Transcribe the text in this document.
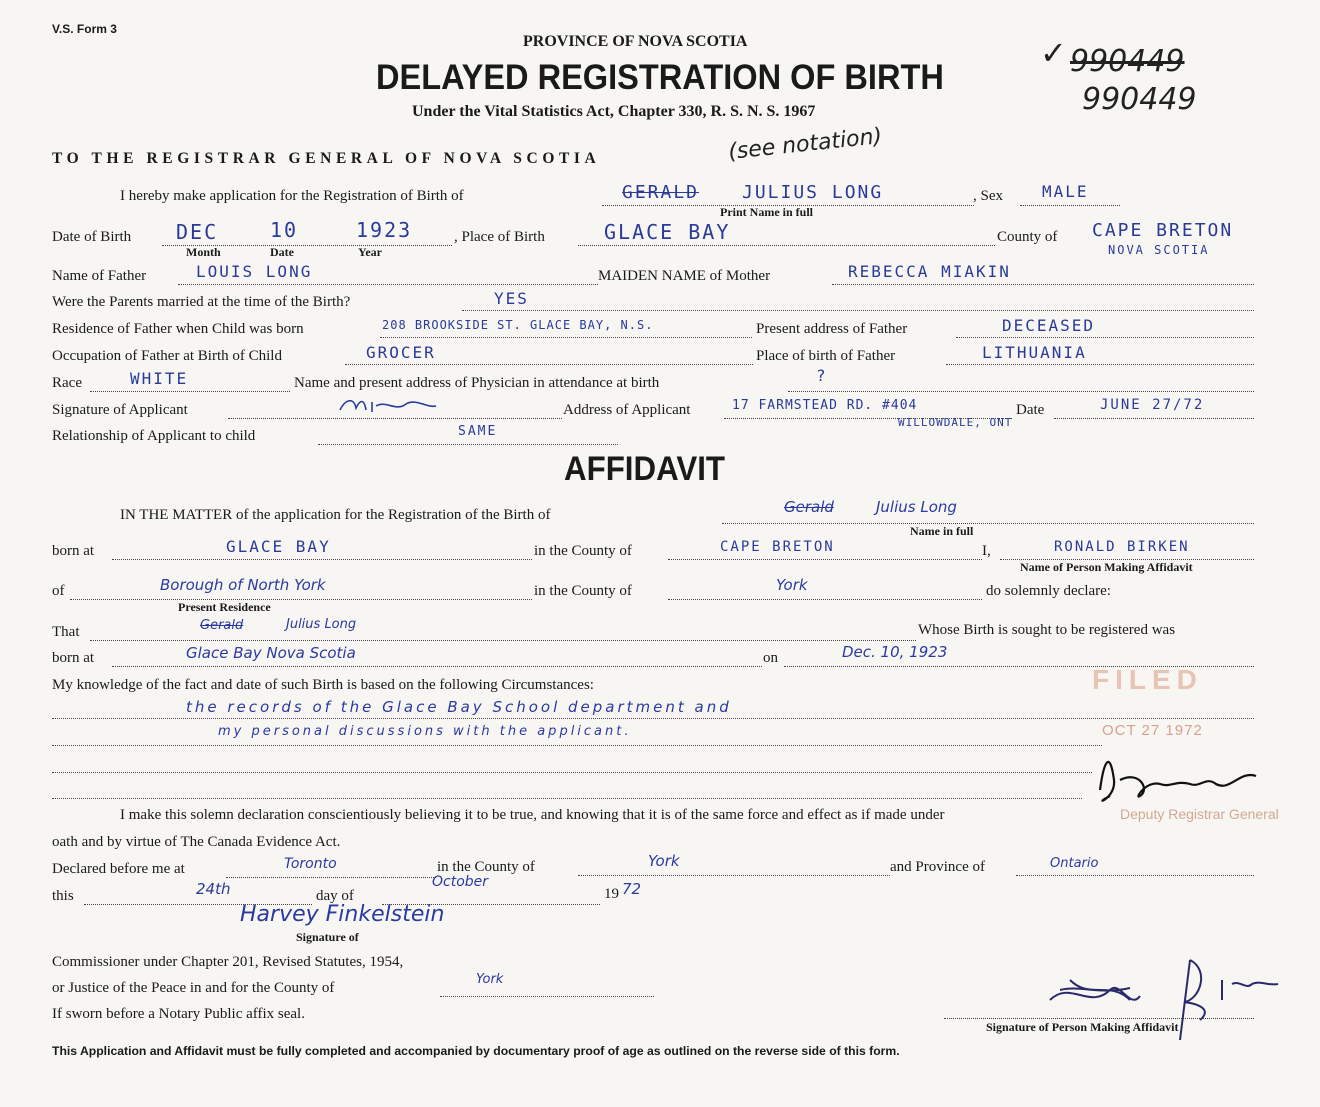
V.S. Form 3
PROVINCE OF NOVA SCOTIA
DELAYED REGISTRATION OF BIRTH
Under the Vital Statistics Act, Chapter 330, R. S. N. S. 1967
✓ 990449
990449
(see notation)
TO THE REGISTRAR GENERAL OF NOVA SCOTIA
I hereby make application for the Registration of Birth of	GERALD JULIUS LONG
Print Name in full
, Sex MALE
Date of Birth DEC	10	1923
Month	Date	Year
, Place of Birth	GLACE BAY	County of CAPE BRETON
NOVA SCOTIA
Name of Father	LOUIS LONG	MAIDEN NAME of Mother	REBECCA MIAKIN
Were the Parents married at the time of the Birth?	YES
Residence of Father when Child was born	208 BROOKSIDE ST. GLACE BAY, N.S.	Present address of Father	DECEASED
Occupation of Father at Birth of Child	GROCER	Place of birth of Father	LITHUANIA
Race	WHITE	Name and present address of Physician in attendance at birth	?
Signature of Applicant	Address of Applicant	17 FARMSTEAD RD. #404
WILLOWDALE, ONT
Date	JUNE 27/72
Relationship of Applicant to child	SAME
AFFIDAVIT
IN THE MATTER of the application for the Registration of the Birth of	Gerald	Julius Long
Name in full
born at	GLACE BAY	in the County of	CAPE BRETON	I,	RONALD BIRKEN
Name of Person Making Affidavit
of	Borough of North York
Present Residence
in the County of	York	do solemnly declare:
That	Gerald	Julius Long	Whose Birth is sought to be registered was
born at	Glace Bay Nova Scotia	on	Dec. 10, 1923
My knowledge of the fact and date of such Birth is based on the following Circumstances:
the records of the Glace Bay School department and
my personal discussions with the applicant.
FILED
OCT 27 1972
Deputy Registrar General
I make this solemn declaration conscientiously believing it to be true, and knowing that it is of the same force and effect as if made under
oath and by virtue of The Canada Evidence Act.
Declared before me at	Toronto	in the County of	York	and Province of	Ontario
this	24th	day of
October
19 72
Harvey Finkelstein
Signature of
Commissioner under Chapter 201, Revised Statutes, 1954,
or Justice of the Peace in and for the County of
York
If sworn before a Notary Public affix seal.
Signature of Person Making Affidavit
This Application and Affidavit must be fully completed and accompanied by documentary proof of age as outlined on the reverse side of this form.
